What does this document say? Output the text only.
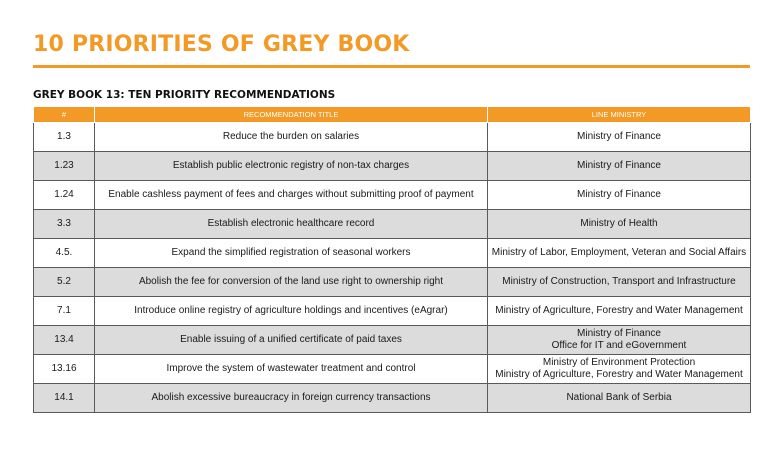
10 PRIORITIES OF GREY BOOK
GREY BOOK 13: TEN PRIORITY RECOMMENDATIONS
#	RECOMMENDATION TITLE	LINE MINISTRY
1.3	Reduce the burden on salaries	Ministry of Finance

1.23	Establish public electronic registry of non-tax charges	Ministry of Finance

1.24	Enable cashless payment of fees and charges without submitting proof of payment	Ministry of Finance

3.3	Establish electronic healthcare record	Ministry of Health

4.5.	Expand the simplified registration of seasonal workers	Ministry of Labor, Employment, Veteran and Social Affairs

5.2	Abolish the fee for conversion of the land use right to ownership right	Ministry of Construction, Transport and Infrastructure

7.1	Introduce online registry of agriculture holdings and incentives (eAgrar)	Ministry of Agriculture, Forestry and Water Management

13.4	Enable issuing of a unified certificate of paid taxes	Ministry of Finance
Office for IT and eGovernment

13.16	Improve the system of wastewater treatment and control	Ministry of Environment Protection
Ministry of Agriculture, Forestry and Water Management

14.1	Abolish excessive bureaucracy in foreign currency transactions	National Bank of Serbia
